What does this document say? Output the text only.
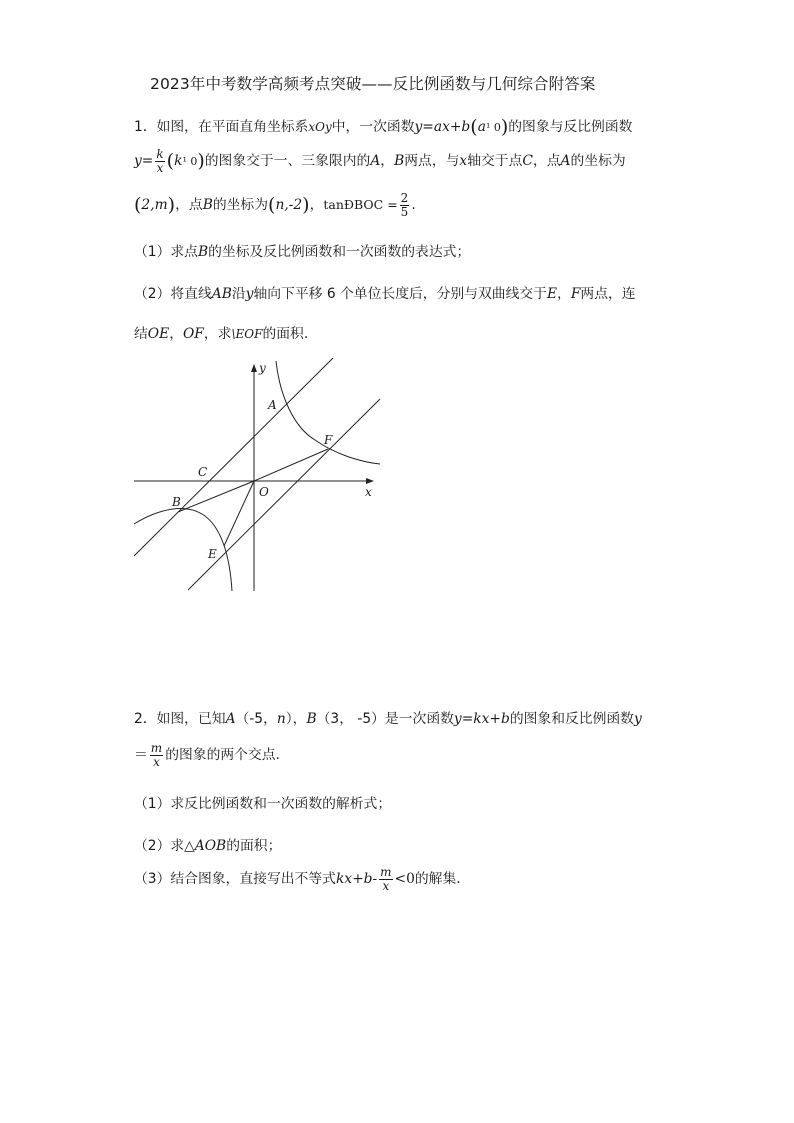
2023年中考数学高频考点突破——反比例函数与几何综合附答案
1．如图，在平面直角坐标系xOy中，一次函数y=ax+b(a¹ 0)的图象与反比例函数
$y= \frac{k}{x} (k^1$ 0)的图象交于一、三象限内的A，B两点，与x轴交于点C，点A的坐标为
(2,m)，点B的坐标为(n,-2)，tanÐBOC = $\frac{2}{5}$ .
（1）求点B的坐标及反比例函数和一次函数的表达式；
（2）将直线AB沿y轴向下平移 6 个单位长度后，分别与双曲线交于E，F两点，连
结OE，OF，求\EOF的面积.
y
A
F
C
O	x
B
E
2．如图，已知A（-5，n），B（3， -5）是一次函数y=kx+b的图象和反比例函数y
＝ $\frac{m}{x}$ 的图象的两个交点.
（1）求反比例函数和一次函数的解析式；
（2）求△AOB的面积；
（3）结合图象，直接写出不等式$kx+b- \frac{m}{x} <0$的解集.
